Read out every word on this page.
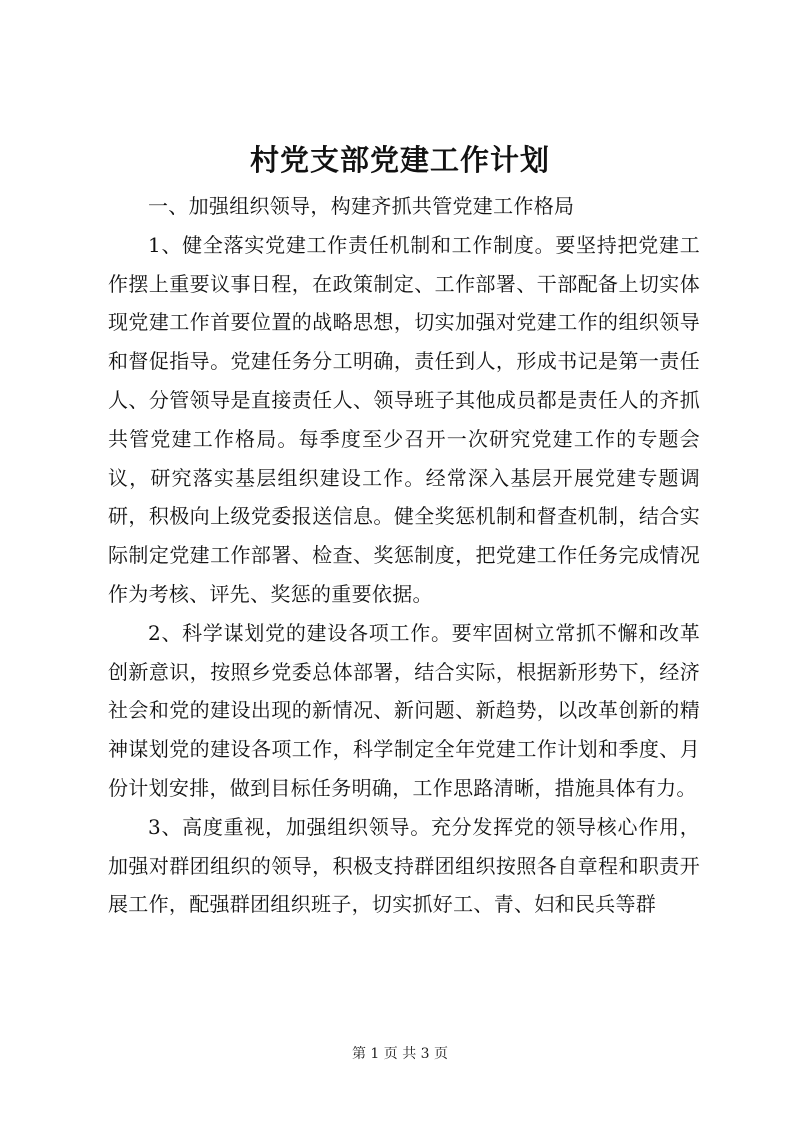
村党支部党建工作计划

一、加强组织领导，构建齐抓共管党建工作格局

1、健全落实党建工作责任机制和工作制度。要坚持把党建工作摆上重要议事日程，在政策制定、工作部署、干部配备上切实体现党建工作首要位置的战略思想，切实加强对党建工作的组织领导和督促指导。党建任务分工明确，责任到人，形成书记是第一责任人、分管领导是直接责任人、领导班子其他成员都是责任人的齐抓共管党建工作格局。每季度至少召开一次研究党建工作的专题会议，研究落实基层组织建设工作。经常深入基层开展党建专题调研，积极向上级党委报送信息。健全奖惩机制和督查机制，结合实际制定党建工作部署、检查、奖惩制度，把党建工作任务完成情况作为考核、评先、奖惩的重要依据。

2、科学谋划党的建设各项工作。要牢固树立常抓不懈和改革创新意识，按照乡党委总体部署，结合实际，根据新形势下，经济社会和党的建设出现的新情况、新问题、新趋势，以改革创新的精神谋划党的建设各项工作，科学制定全年党建工作计划和季度、月份计划安排，做到目标任务明确，工作思路清晰，措施具体有力。

3、高度重视，加强组织领导。充分发挥党的领导核心作用，加强对群团组织的领导，积极支持群团组织按照各自章程和职责开展工作，配强群团组织班子，切实抓好工、青、妇和民兵等群

第 1 页 共 3 页
